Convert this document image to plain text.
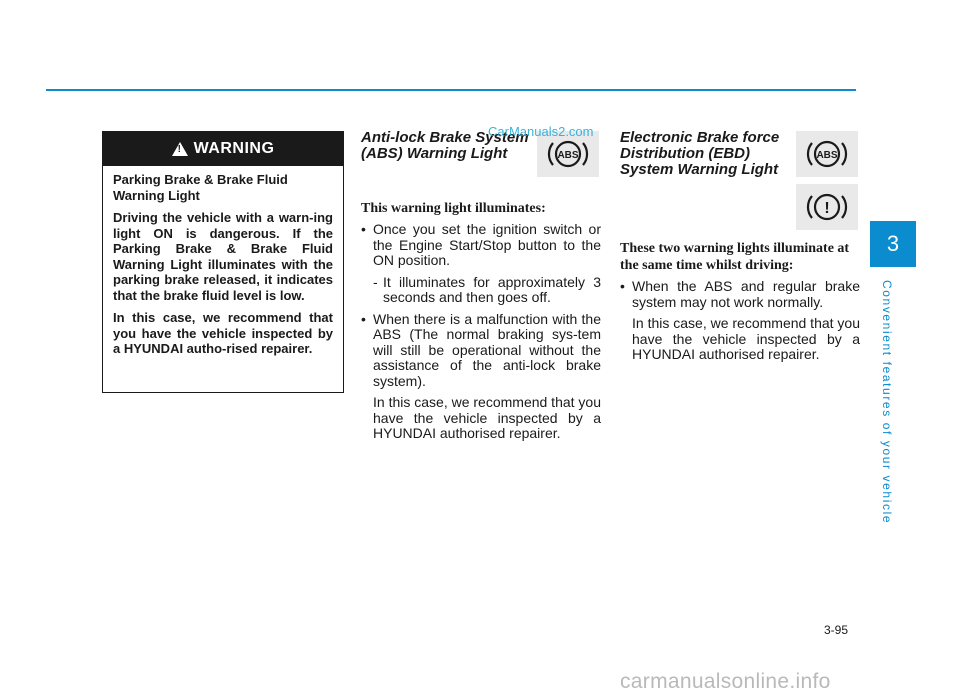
!
WARNING

Parking Brake & Brake Fluid Warning Light

Driving the vehicle with a warn-ing light ON is dangerous. If the Parking Brake & Brake Fluid Warning Light illuminates with the parking brake released, it indicates that the brake fluid level is low.

In this case, we recommend that you have the vehicle inspected by a HYUNDAI autho-rised repairer.

Anti-lock Brake System
(ABS) Warning Light

This warning light illuminates:

• Once you set the ignition switch or the Engine Start/Stop button to the ON position.
- It illuminates for approximately 3 seconds and then goes off.
• When there is a malfunction with the ABS (The normal braking sys-tem will still be operational without the assistance of the anti-lock brake system).
In this case, we recommend that you have the vehicle inspected by a HYUNDAI authorised repairer.
ABS
Electronic Brake force
Distribution (EBD)
System Warning Light

These two warning lights illuminate at the same time whilst driving:

• When the ABS and regular brake system may not work normally.
In this case, we recommend that you have the vehicle inspected by a HYUNDAI authorised repairer.
ABS
!
CarManuals2.com
3
Convenient features of your vehicle
3-95
carmanualsonline.info
